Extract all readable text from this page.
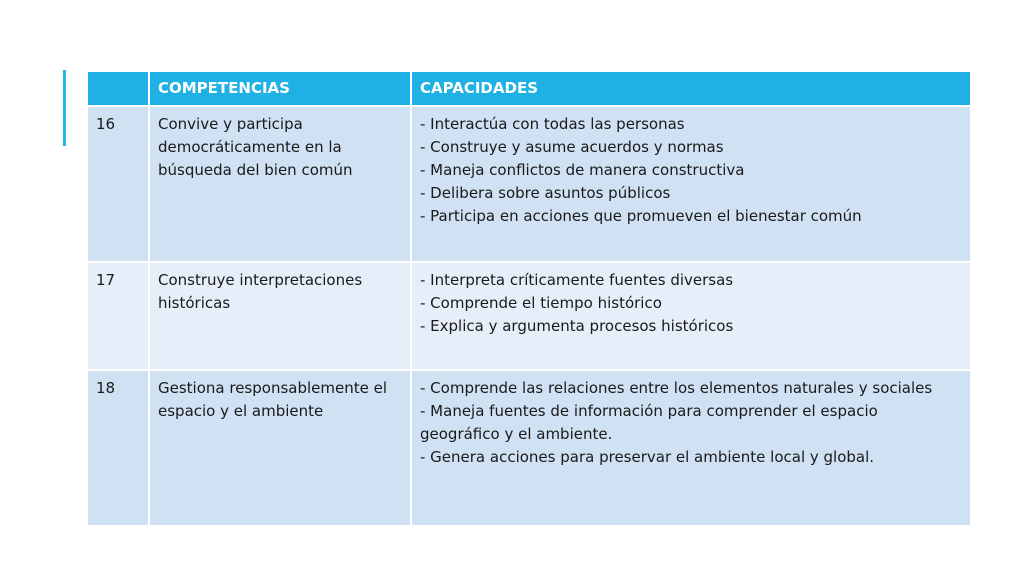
	COMPETENCIAS	CAPACIDADES
16	Convive y participa democráticamente en la búsqueda del bien común	- Interactúa con todas las personas
- Construye y asume acuerdos y normas
- Maneja conflictos de manera constructiva
- Delibera sobre asuntos públicos
- Participa en acciones que promueven el bienestar común

17	Construye interpretaciones históricas	- Interpreta críticamente fuentes diversas
- Comprende el tiempo histórico
- Explica y argumenta procesos históricos

18	Gestiona responsablemente el espacio y el ambiente	- Comprende las relaciones entre los elementos naturales y sociales
- Maneja fuentes de información para comprender el espacio geográfico y el ambiente.
- Genera acciones para preservar el ambiente local y global.
